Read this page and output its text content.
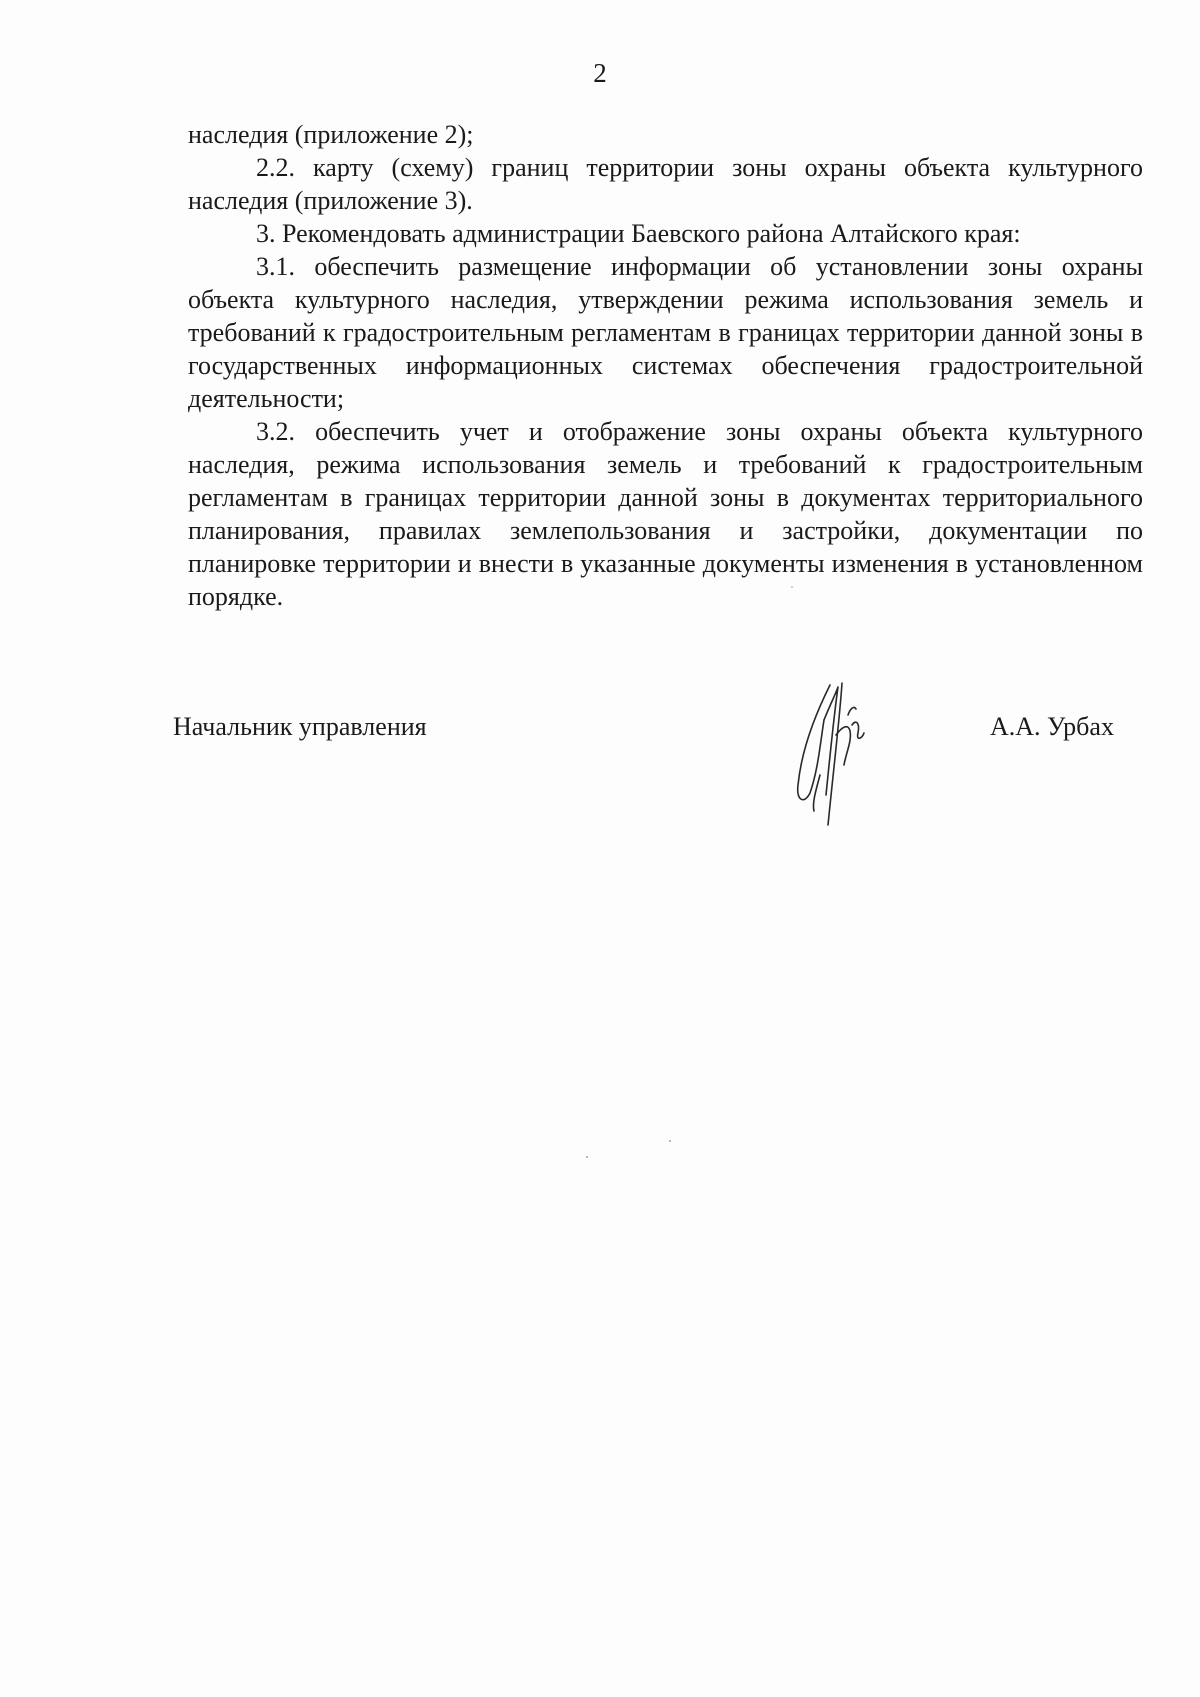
2

наследия (приложение 2);

2.2. карту (схему) границ территории зоны охраны объекта культурного наследия (приложение 3).

3. Рекомендовать администрации Баевского района Алтайского края:

3.1. обеспечить размещение информации об установлении зоны охраны объекта культурного наследия, утверждении режима использования земель и требований к градостроительным регламентам в границах территории данной зоны в государственных информационных системах обеспечения градостроительной деятельности;

3.2. обеспечить учет и отображение зоны охраны объекта культурного наследия, режима использования земель и требований к градостроительным регламентам в границах территории данной зоны в документах территориального планирования, правилах землепользования и застройки, документации по планировке территории и внести в указанные документы изменения в установленном порядке.

Начальник управления	А.А. Урбах
